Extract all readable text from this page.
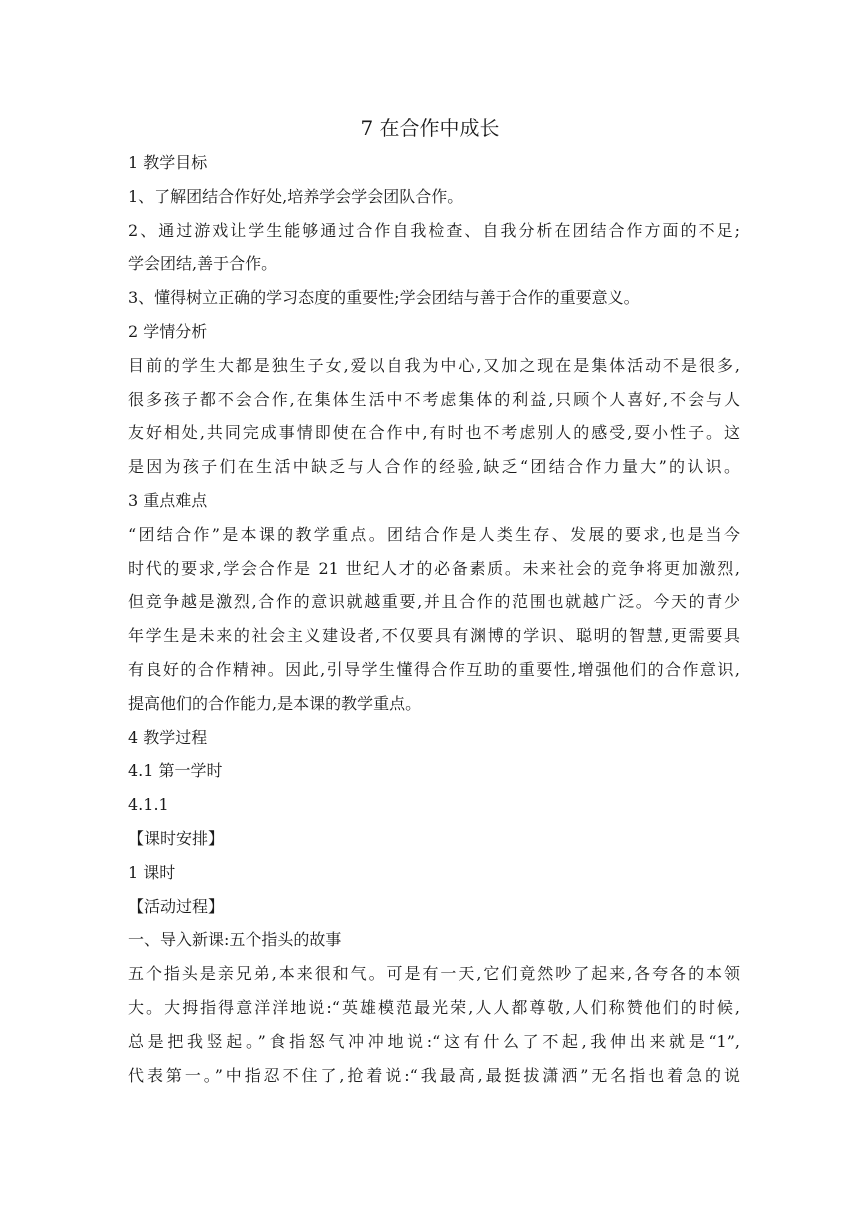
7 在合作中成长
1 教学目标
1、了解团结合作好处,培养学会学会团队合作。
2、通过游戏让学生能够通过合作自我检查、自我分析在团结合作方面的不足;
学会团结,善于合作。
3、懂得树立正确的学习态度的重要性;学会团结与善于合作的重要意义。
2 学情分析
目前的学生大都是独生子女,爱以自我为中心,又加之现在是集体活动不是很多,
很多孩子都不会合作,在集体生活中不考虑集体的利益,只顾个人喜好,不会与人
友好相处,共同完成事情即使在合作中,有时也不考虑别人的感受,耍小性子。这
是因为孩子们在生活中缺乏与人合作的经验,缺乏“团结合作力量大”的认识。
3 重点难点
“团结合作”是本课的教学重点。团结合作是人类生存、发展的要求,也是当今
时代的要求,学会合作是 21 世纪人才的必备素质。未来社会的竞争将更加激烈,
但竞争越是激烈,合作的意识就越重要,并且合作的范围也就越广泛。今天的青少
年学生是未来的社会主义建设者,不仅要具有渊博的学识、聪明的智慧,更需要具
有良好的合作精神。因此,引导学生懂得合作互助的重要性,增强他们的合作意识,
提高他们的合作能力,是本课的教学重点。
4 教学过程
4.1 第一学时
4.1.1
【课时安排】
1 课时
【活动过程】
一、导入新课:五个指头的故事
五个指头是亲兄弟,本来很和气。可是有一天,它们竟然吵了起来,各夸各的本领
大。大拇指得意洋洋地说:“英雄模范最光荣,人人都尊敬,人们称赞他们的时候,
总是把我竖起。”食指怒气冲冲地说:“这有什么了不起,我伸出来就是“1”,
代表第一。”中指忍不住了,抢着说:“我最高,最挺拔潇洒”无名指也着急的说
